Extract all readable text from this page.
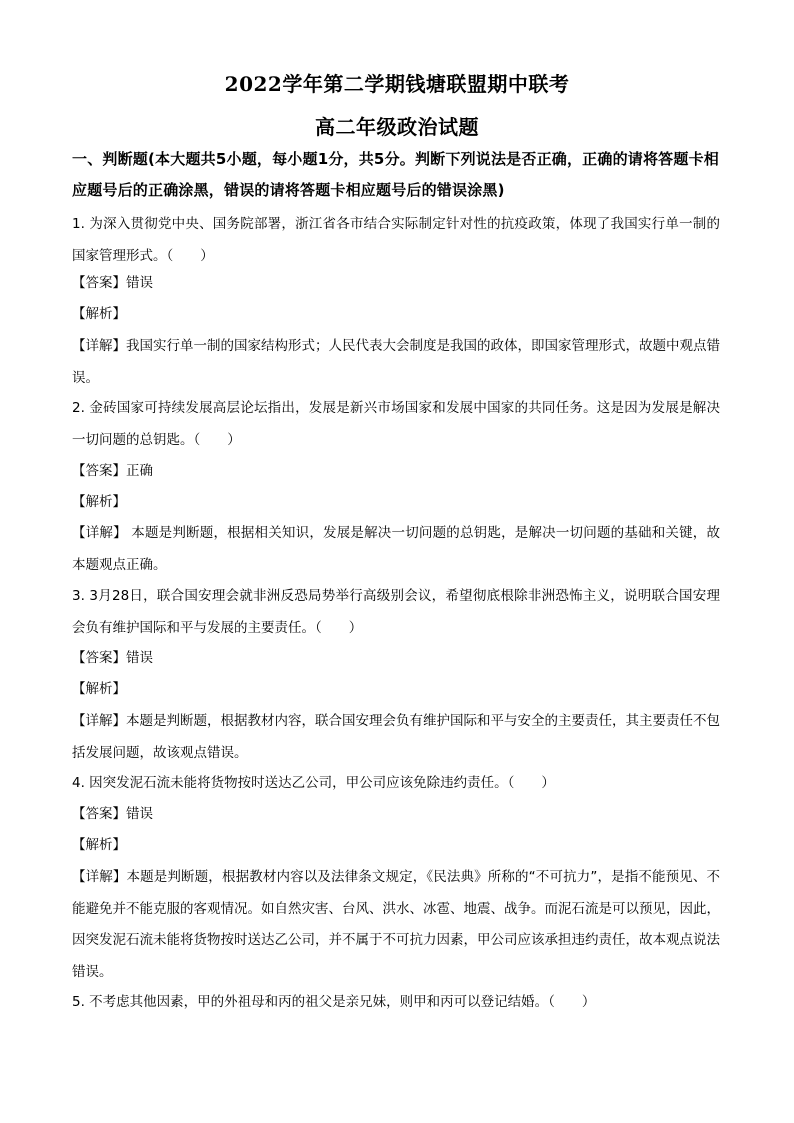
2022学年第二学期钱塘联盟期中联考
高二年级政治试题
一、判断题(本大题共5小题，每小题1分，共5分。判断下列说法是否正确，正确的请将答题卡相应题号后的正确涂黑，错误的请将答题卡相应题号后的错误涂黑)
1. 为深入贯彻党中央、国务院部署，浙江省各市结合实际制定针对性的抗疫政策，体现了我国实行单一制的国家管理形式。（　　）
【答案】错误
【解析】
【详解】我国实行单一制的国家结构形式；人民代表大会制度是我国的政体，即国家管理形式，故题中观点错误。
2. 金砖国家可持续发展高层论坛指出，发展是新兴市场国家和发展中国家的共同任务。这是因为发展是解决一切问题的总钥匙。（　　）
【答案】正确
【解析】
【详解】 本题是判断题，根据相关知识，发展是解决一切问题的总钥匙，是解决一切问题的基础和关键，故本题观点正确。
3. 3月28日，联合国安理会就非洲反恐局势举行高级别会议，希望彻底根除非洲恐怖主义，说明联合国安理会负有维护国际和平与发展的主要责任。（　　）
【答案】错误
【解析】
【详解】本题是判断题，根据教材内容，联合国安理会负有维护国际和平与安全的主要责任，其主要责任不包括发展问题，故该观点错误。
4. 因突发泥石流未能将货物按时送达乙公司，甲公司应该免除违约责任。（　　）
【答案】错误
【解析】
【详解】本题是判断题，根据教材内容以及法律条文规定，《民法典》所称的“不可抗力”，是指不能预见、不能避免并不能克服的客观情况。如自然灾害、台风、洪水、冰雹、地震、战争。而泥石流是可以预见，因此，因突发泥石流未能将货物按时送达乙公司，并不属于不可抗力因素，甲公司应该承担违约责任，故本观点说法错误。
5. 不考虑其他因素，甲的外祖母和丙的祖父是亲兄妹，则甲和丙可以登记结婚。（　　）
